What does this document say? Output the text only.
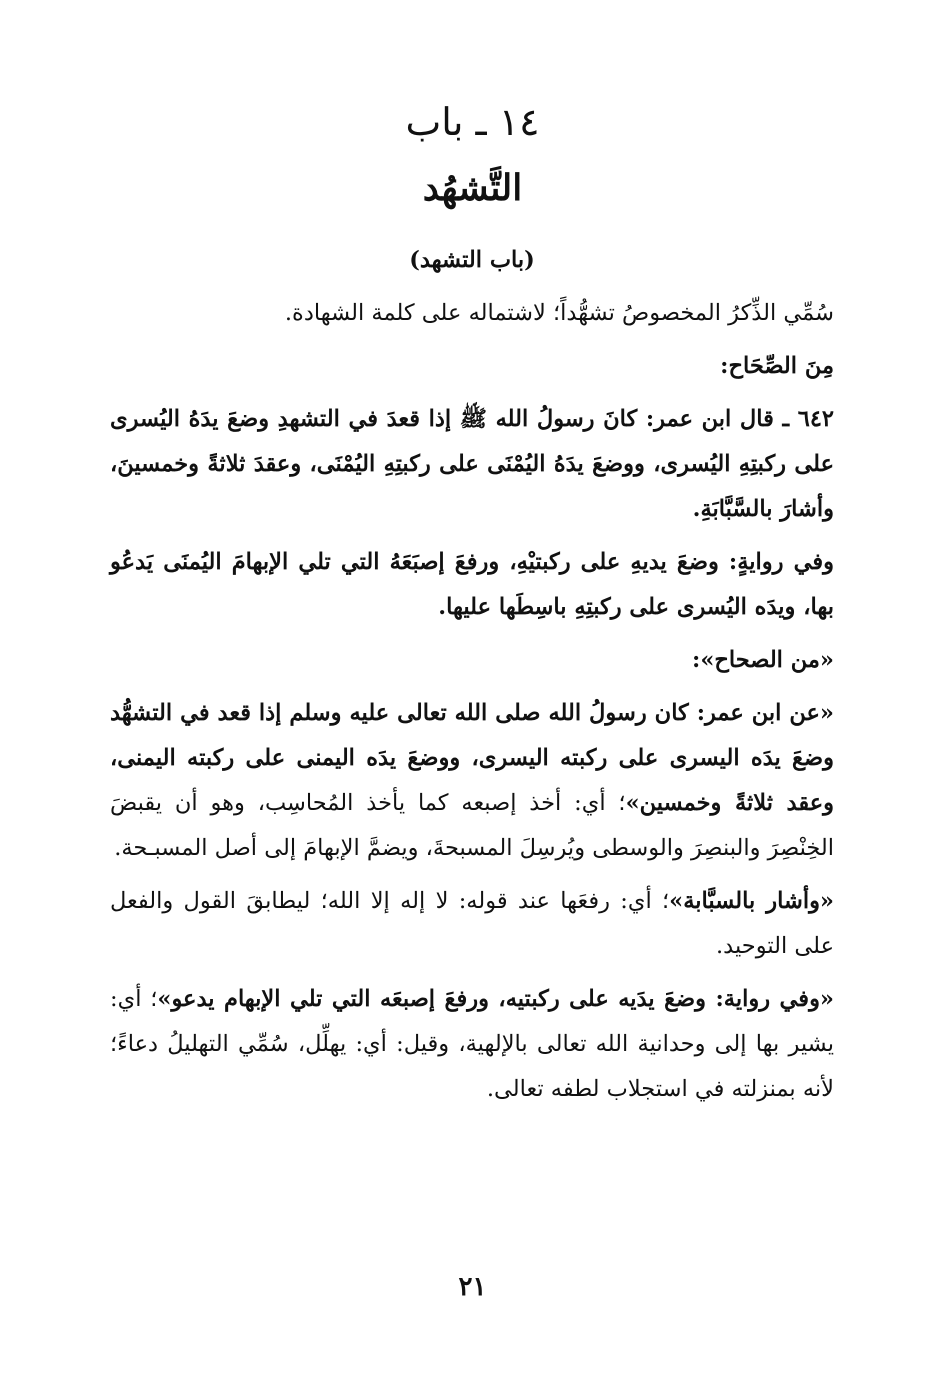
١٤ ـ باب
التَّشهُد

(باب التشهد)

سُمِّي الذِّكرُ المخصوصُ تشهُّداً؛ لاشتماله على كلمة الشهادة.

مِنَ الصِّحَاح:

٦٤٢ ـ قال ابن عمر: كانَ رسولُ الله ﷺ إذا قعدَ في التشهدِ وضعَ يدَهُ اليُسرى على ركبتِهِ اليُسرى، ووضعَ يدَهُ اليُمْنَى على ركبتِهِ اليُمْنَى، وعقدَ ثلاثةً وخمسينَ، وأشارَ بالسَّبَّابَةِ.

وفي روايةٍ: وضعَ يديهِ على ركبتيْهِ، ورفعَ إصبَعَهُ التي تلي الإبهامَ اليُمنَى يَدعُو بها، ويدَه اليُسرى على ركبتِهِ باسِطَها عليها.

«من الصحاح»:

«عن ابن عمر: كان رسولُ الله صلى الله تعالى عليه وسلم إذا قعد في التشهُّد وضعَ يدَه اليسرى على ركبته اليسرى، ووضعَ يدَه اليمنى على ركبته اليمنى، وعقد ثلاثةً وخمسين»؛ أي: أخذ إصبعه كما يأخذ المُحاسِب، وهو أن يقبضَ الخِنْصِرَ والبنصِرَ والوسطى ويُرسِلَ المسبحةَ، ويضمَّ الإبهامَ إلى أصل المسبـحة.

«وأشار بالسبَّابة»؛ أي: رفعَها عند قوله: لا إله إلا الله؛ ليطابقَ القول والفعل على التوحيد.

«وفي رواية: وضعَ يدَيه على ركبتيه، ورفعَ إصبعَه التي تلي الإبهام يدعو»؛ أي: يشير بها إلى وحدانية الله تعالى بالإلهية، وقيل: أي: يهلِّل، سُمِّي التهليلُ دعاءً؛ لأنه بمنزلته في استجلاب لطفه تعالى.

٢١
